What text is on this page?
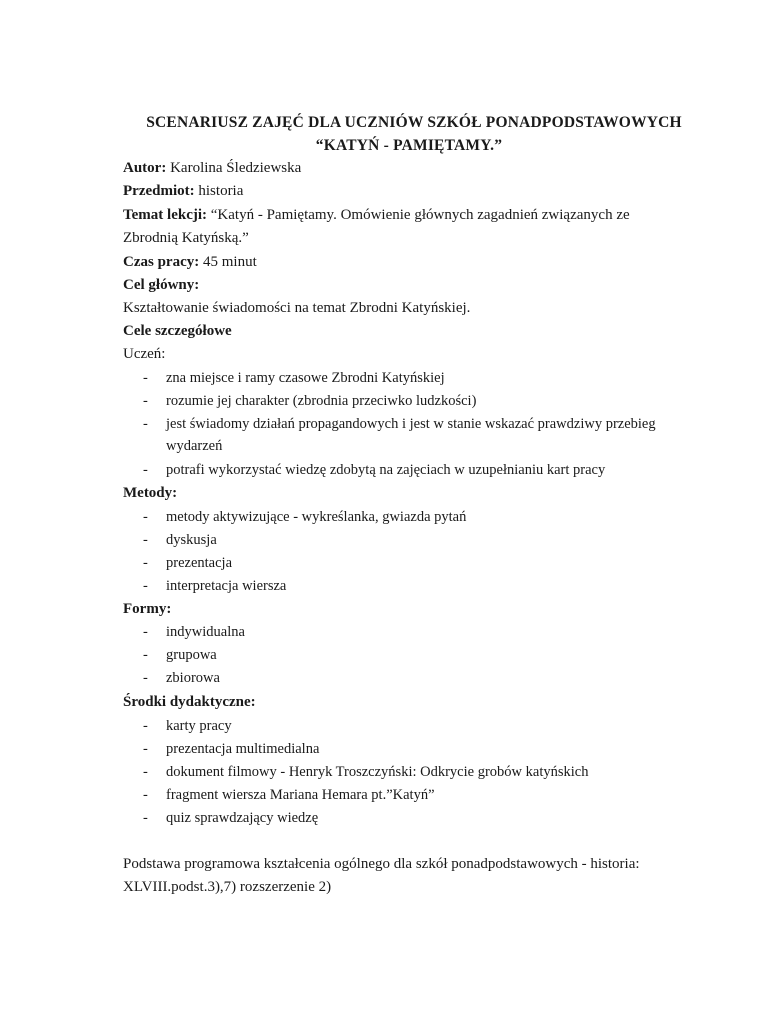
SCENARIUSZ ZAJĘĆ DLA UCZNIÓW SZKÓŁ PONADPODSTAWOWYCH
“KATYŃ - PAMIĘTAMY.”
Autor: Karolina Śledziewska
Przedmiot: historia
Temat lekcji: “Katyń - Pamiętamy. Omówienie głównych zagadnień związanych ze
Zbrodnią Katyńską.”
Czas pracy: 45 minut
Cel główny:
Kształtowanie świadomości na temat Zbrodni Katyńskiej.
Cele szczegółowe
Uczeń:
- zna miejsce i ramy czasowe Zbrodni Katyńskiej
- rozumie jej charakter (zbrodnia przeciwko ludzkości)
- jest świadomy działań propagandowych i jest w stanie wskazać prawdziwy przebieg
wydarzeń
- potrafi wykorzystać wiedzę zdobytą na zajęciach w uzupełnianiu kart pracy
Metody:
- metody aktywizujące - wykreślanka, gwiazda pytań
- dyskusja
- prezentacja
- interpretacja wiersza
Formy:
- indywidualna
- grupowa
- zbiorowa
Środki dydaktyczne:
- karty pracy
- prezentacja multimedialna
- dokument filmowy - Henryk Troszczyński: Odkrycie grobów katyńskich
- fragment wiersza Mariana Hemara pt.”Katyń”
- quiz sprawdzający wiedzę
Podstawa programowa kształcenia ogólnego dla szkół ponadpodstawowych - historia:
XLVIII.podst.3),7) rozszerzenie 2)
